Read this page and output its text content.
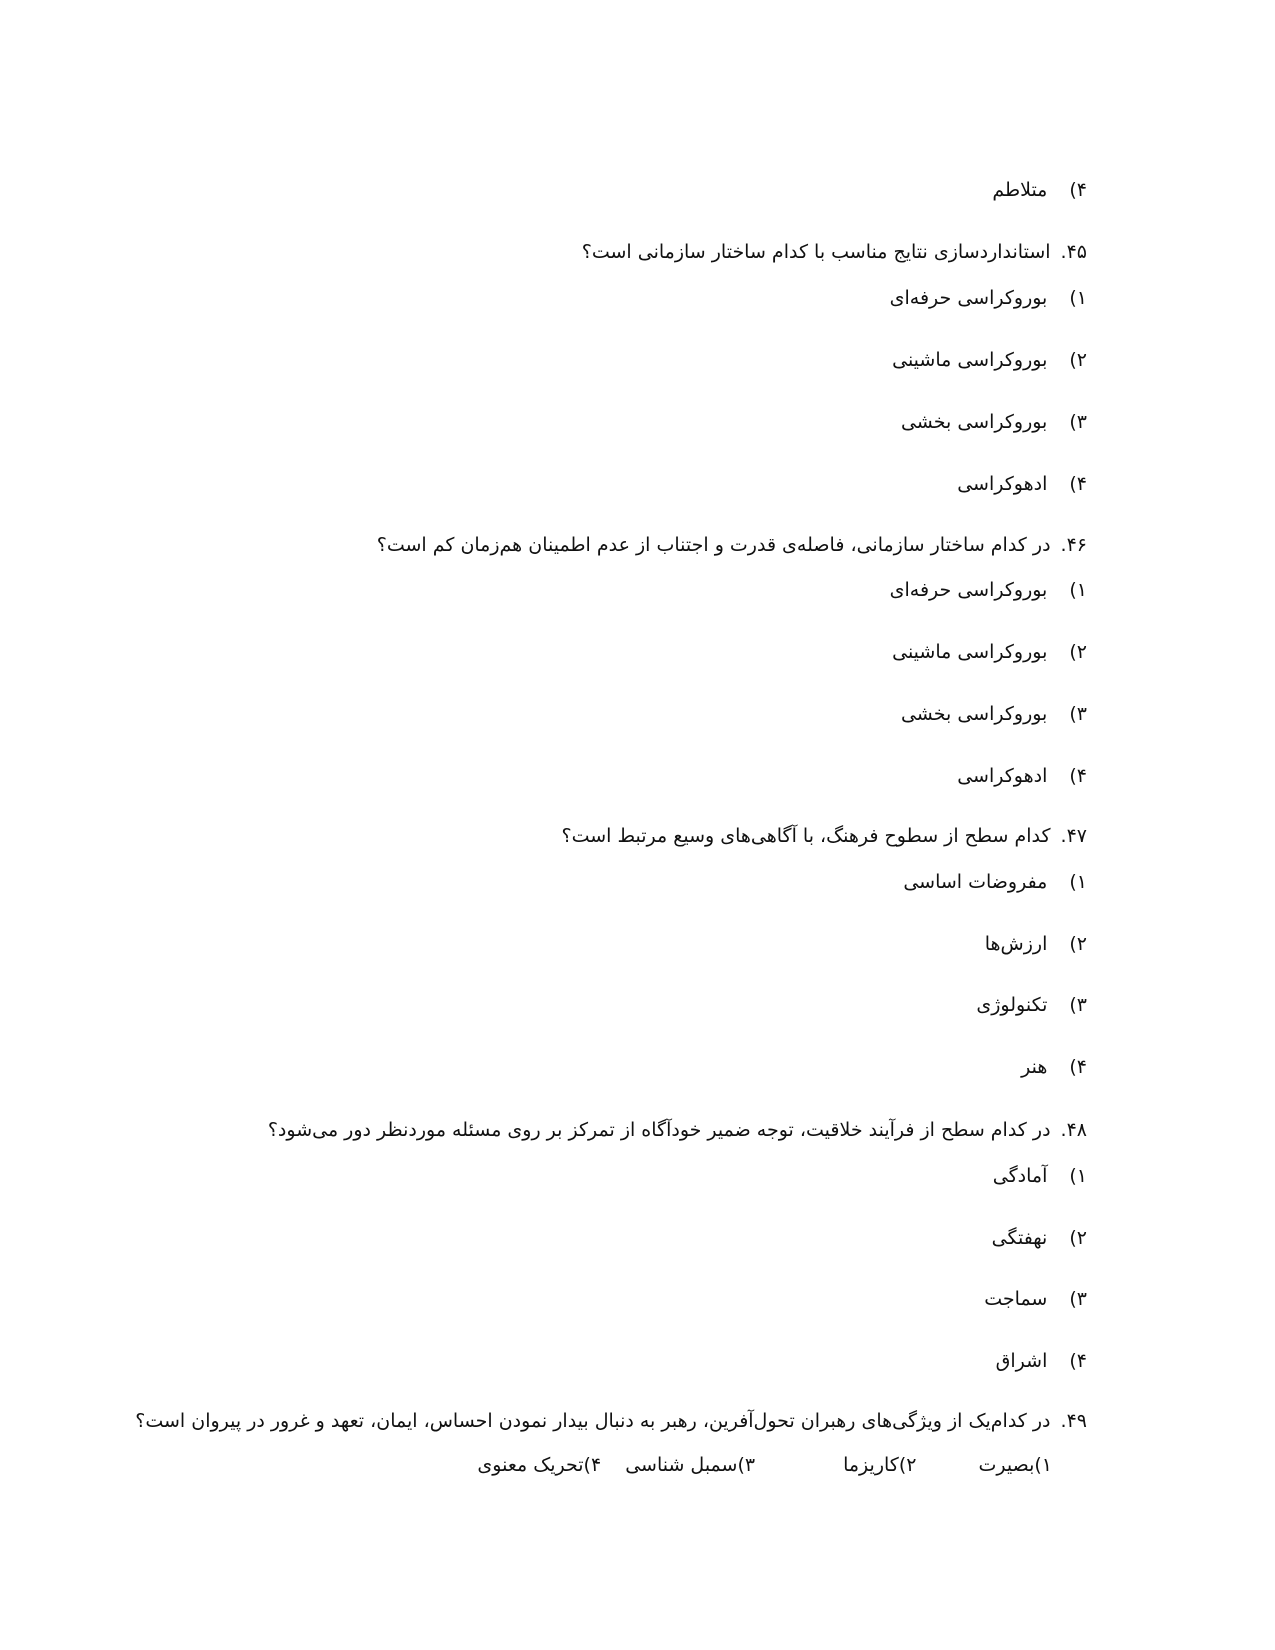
۴)متلاطم
۴۵.استانداردسازی نتایج مناسب با کدام ساختار سازمانی است؟
۱)بوروکراسی حرفه‌ای
۲)بوروکراسی ماشینی
۳)بوروکراسی بخشی
۴)ادهوکراسی
۴۶.در کدام ساختار سازمانی، فاصله‌ی قدرت و اجتناب از عدم اطمینان هم‌زمان کم است؟
۱)بوروکراسی حرفه‌ای
۲)بوروکراسی ماشینی
۳)بوروکراسی بخشی
۴)ادهوکراسی
۴۷.کدام سطح از سطوح فرهنگ، با آگاهی‌های وسیع مرتبط است؟
۱)مفروضات اساسی
۲)ارزش‌ها
۳)تکنولوژی
۴)هنر
۴۸.در کدام سطح از فرآیند خلاقیت، توجه ضمیر خودآگاه از تمرکز بر روی مسئله موردنظر دور می‌شود؟
۱)آمادگی
۲)نهفتگی
۳)سماجت
۴)اشراق
۴۹.در کدام‌یک از ویژگی‌های رهبران تحول‌آفرین، رهبر به دنبال بیدار نمودن احساس، ایمان، تعهد و غرور در پیروان است؟
۱)بصیرت۲)کاریزما۳)سمبل شناسی۴)تحریک معنوی
